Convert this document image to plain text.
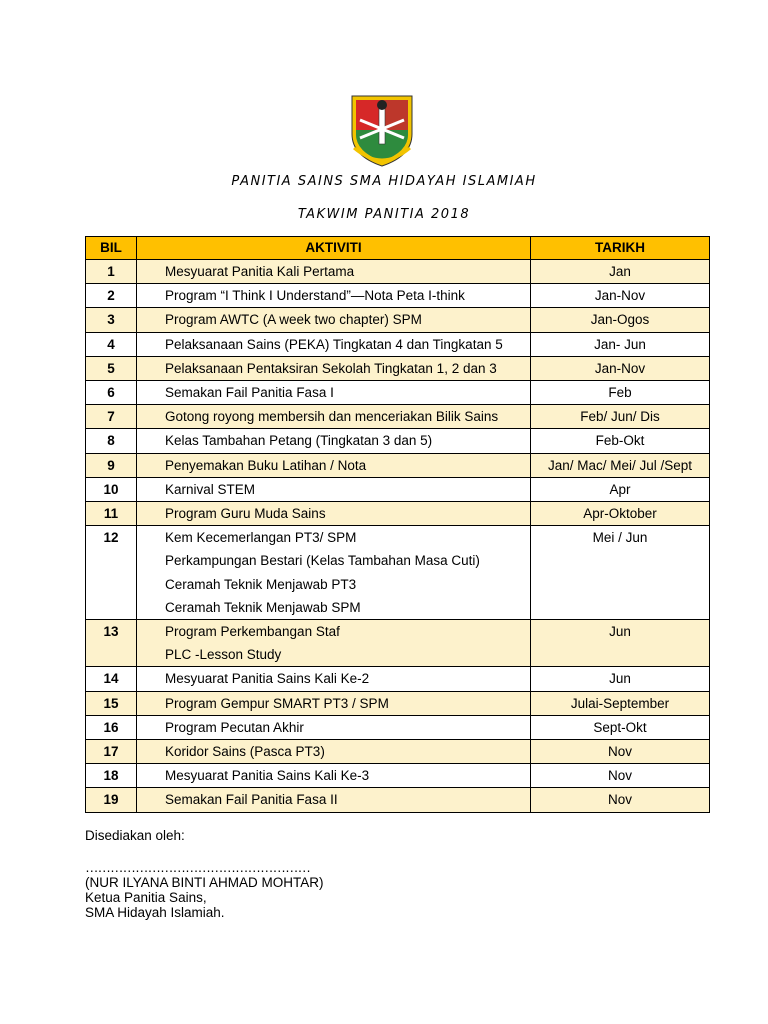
PANITIA SAINS SMA HIDAYAH ISLAMIAH
TAKWIM PANITIA 2018
BIL	AKTIVITI	TARIKH
1	Mesyuarat Panitia Kali Pertama	Jan
2	Program “I Think I Understand”—Nota Peta I-think	Jan-Nov
3	Program AWTC (A week two chapter) SPM	Jan-Ogos
4	Pelaksanaan Sains (PEKA) Tingkatan 4 dan Tingkatan 5	Jan- Jun
5	Pelaksanaan Pentaksiran Sekolah Tingkatan 1, 2 dan 3	Jan-Nov
6	Semakan Fail Panitia Fasa I	Feb
7	Gotong royong membersih dan menceriakan Bilik Sains	Feb/ Jun/ Dis
8	Kelas Tambahan Petang (Tingkatan 3 dan 5)	Feb-Okt
9	Penyemakan Buku Latihan / Nota	Jan/ Mac/ Mei/ Jul /Sept
10	Karnival STEM	Apr
11	Program Guru Muda Sains	Apr-Oktober
12	Kem Kecemerlangan PT3/ SPM
Perkampungan Bestari (Kelas Tambahan Masa Cuti)
Ceramah Teknik Menjawab PT3
Ceramah Teknik Menjawab SPM	Mei / Jun
13	Program Perkembangan Staf
PLC -Lesson Study	Jun
14	Mesyuarat Panitia Sains Kali Ke-2	Jun
15	Program Gempur SMART PT3 / SPM	Julai-September
16	Program Pecutan Akhir	Sept-Okt
17	Koridor Sains (Pasca PT3)	Nov
18	Mesyuarat Panitia Sains Kali Ke-3	Nov
19	Semakan Fail Panitia Fasa II	Nov
Disediakan oleh:
………………………………………………
(NUR ILYANA BINTI AHMAD MOHTAR)
Ketua Panitia Sains,
SMA Hidayah Islamiah.
